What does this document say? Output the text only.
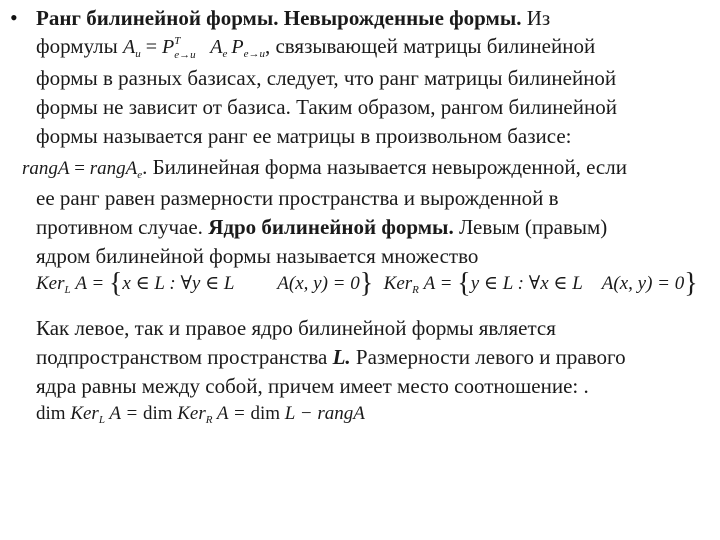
• Ранг билинейной формы. Невырожденные формы. Из
формулы $A_u = P$ T
e→u $A_e$  $P_{e\to u}$, связывающей матрицы билинейной
формы в разных базисах, следует, что ранг матрицы билинейной
формы не зависит от базиса. Таким образом, рангом билинейной
формы называется ранг ее матрицы в произвольном базисе:
rangA = rangA$_e$. Билинейная форма называется невырожденной, если
ее ранг равен размерности пространства и вырожденной в
противном случае. Ядро билинейной формы. Левым (правым)
ядром билинейной формы называется множество
Ker$_L$ A = {x ∈ L : ∀y ∈ L A(x, y) = 0} Ker$_R$ A = {y ∈ L : ∀x ∈ L A(x, y) = 0}
Как левое, так и правое ядро билинейной формы является
подпространством пространства L. Размерности левого и правого
ядра равны между собой, причем имеет место соотношение: .
dim Ker$_L$ A = dim Ker$_R$ A = dim L − rangA
